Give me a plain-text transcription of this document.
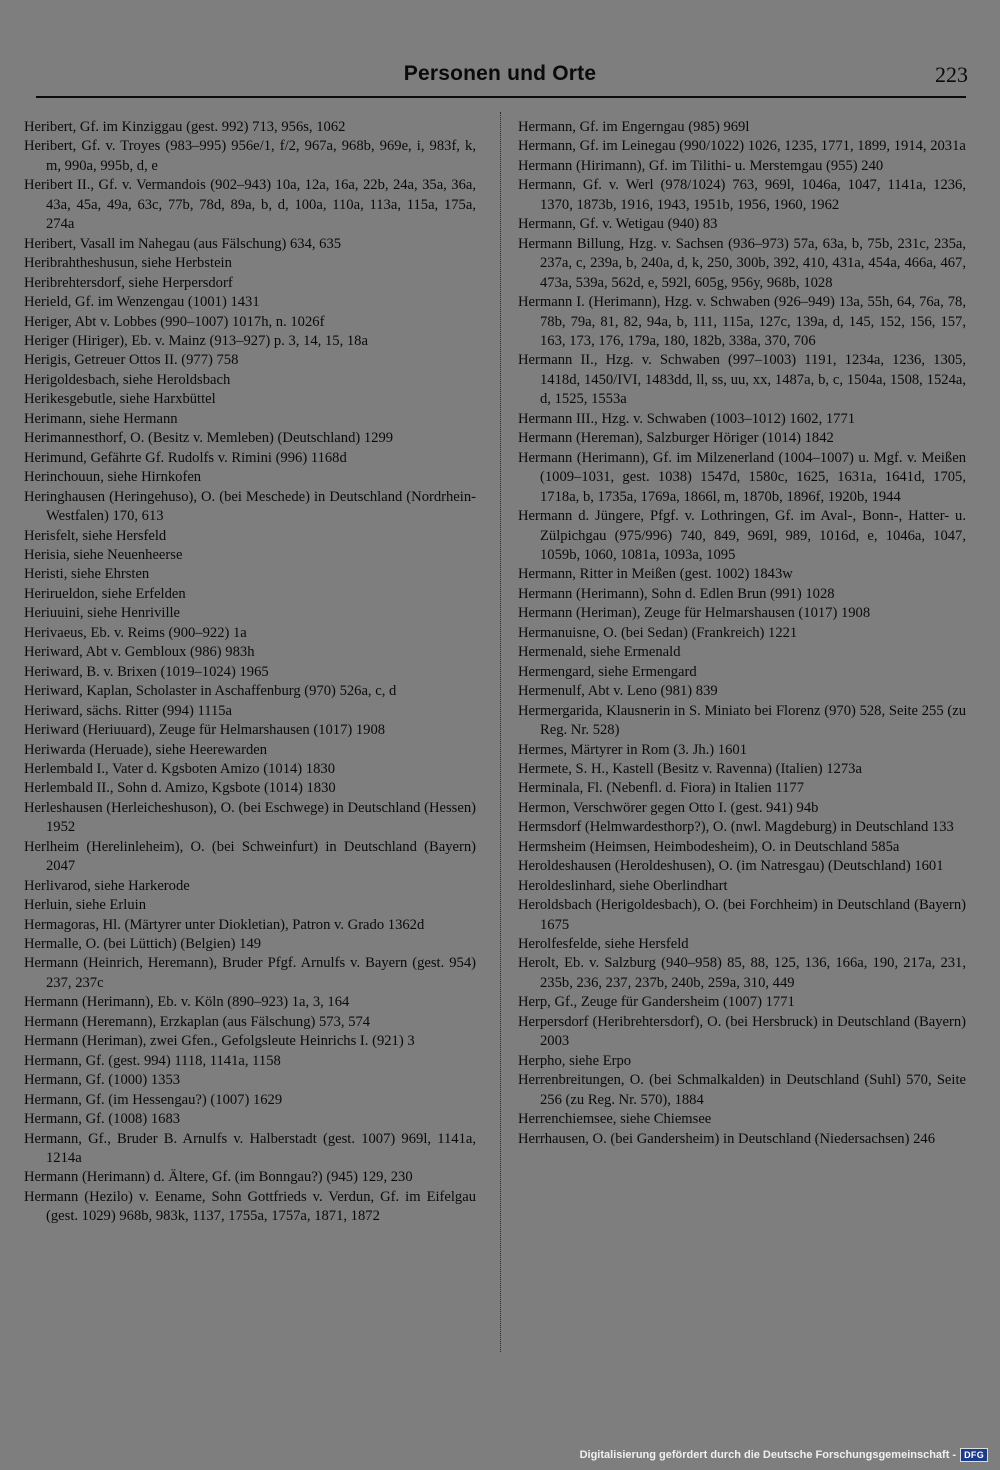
Personen und Orte	223
Heribert, Gf. im Kinziggau (gest. 992) 713, 956s, 1062
Heribert, Gf. v. Troyes (983–995) 956e/1, f/2, 967a, 968b, 969e, i, 983f, k, m, 990a, 995b, d, e
Heribert II., Gf. v. Vermandois (902–943) 10a, 12a, 16a, 22b, 24a, 35a, 36a, 43a, 45a, 49a, 63c, 77b, 78d, 89a, b, d, 100a, 110a, 113a, 115a, 175a, 274a
Heribert, Vasall im Nahegau (aus Fälschung) 634, 635
Heribrahtheshusun, siehe Herbstein
Heribrehtersdorf, siehe Herpersdorf
Herield, Gf. im Wenzengau (1001) 1431
Heriger, Abt v. Lobbes (990–1007) 1017h, n. 1026f
Heriger (Hiriger), Eb. v. Mainz (913–927) p. 3, 14, 15, 18a
Herigis, Getreuer Ottos II. (977) 758
Herigoldesbach, siehe Heroldsbach
Herikesgebutle, siehe Harxbüttel
Herimann, siehe Hermann
Herimannesthorf, O. (Besitz v. Memleben) (Deutschland) 1299
Herimund, Gefährte Gf. Rudolfs v. Rimini (996) 1168d
Herinchouun, siehe Hirnkofen
Heringhausen (Heringehuso), O. (bei Meschede) in Deutschland (Nordrhein-Westfalen) 170, 613
Herisfelt, siehe Hersfeld
Herisia, siehe Neuenheerse
Heristi, siehe Ehrsten
Herirueldon, siehe Erfelden
Heriuuini, siehe Henriville
Herivaeus, Eb. v. Reims (900–922) 1a
Heriward, Abt v. Gembloux (986) 983h
Heriward, B. v. Brixen (1019–1024) 1965
Heriward, Kaplan, Scholaster in Aschaffenburg (970) 526a, c, d
Heriward, sächs. Ritter (994) 1115a
Heriward (Heriuuard), Zeuge für Helmarshausen (1017) 1908
Heriwarda (Heruade), siehe Heerewarden
Herlembald I., Vater d. Kgsboten Amizo (1014) 1830
Herlembald II., Sohn d. Amizo, Kgsbote (1014) 1830
Herleshausen (Herleicheshuson), O. (bei Eschwege) in Deutschland (Hessen) 1952
Herlheim (Herelinleheim), O. (bei Schweinfurt) in Deutschland (Bayern) 2047
Herlivarod, siehe Harkerode
Herluin, siehe Erluin
Hermagoras, Hl. (Märtyrer unter Diokletian), Patron v. Grado 1362d
Hermalle, O. (bei Lüttich) (Belgien) 149
Hermann (Heinrich, Heremann), Bruder Pfgf. Arnulfs v. Bayern (gest. 954) 237, 237c
Hermann (Herimann), Eb. v. Köln (890–923) 1a, 3, 164
Hermann (Heremann), Erzkaplan (aus Fälschung) 573, 574
Hermann (Heriman), zwei Gfen., Gefolgsleute Heinrichs I. (921) 3
Hermann, Gf. (gest. 994) 1118, 1141a, 1158
Hermann, Gf. (1000) 1353
Hermann, Gf. (im Hessengau?) (1007) 1629
Hermann, Gf. (1008) 1683
Hermann, Gf., Bruder B. Arnulfs v. Halberstadt (gest. 1007) 969l, 1141a, 1214a
Hermann (Herimann) d. Ältere, Gf. (im Bonngau?) (945) 129, 230
Hermann (Hezilo) v. Eename, Sohn Gottfrieds v. Verdun, Gf. im Eifelgau (gest. 1029) 968b, 983k, 1137, 1755a, 1757a, 1871, 1872
Hermann, Gf. im Engerngau (985) 969l
Hermann, Gf. im Leinegau (990/1022) 1026, 1235, 1771, 1899, 1914, 2031a
Hermann (Hirimann), Gf. im Tilithi- u. Merstemgau (955) 240
Hermann, Gf. v. Werl (978/1024) 763, 969l, 1046a, 1047, 1141a, 1236, 1370, 1873b, 1916, 1943, 1951b, 1956, 1960, 1962
Hermann, Gf. v. Wetigau (940) 83
Hermann Billung, Hzg. v. Sachsen (936–973) 57a, 63a, b, 75b, 231c, 235a, 237a, c, 239a, b, 240a, d, k, 250, 300b, 392, 410, 431a, 454a, 466a, 467, 473a, 539a, 562d, e, 592l, 605g, 956y, 968b, 1028
Hermann I. (Herimann), Hzg. v. Schwaben (926–949) 13a, 55h, 64, 76a, 78, 78b, 79a, 81, 82, 94a, b, 111, 115a, 127c, 139a, d, 145, 152, 156, 157, 163, 173, 176, 179a, 180, 182b, 338a, 370, 706
Hermann II., Hzg. v. Schwaben (997–1003) 1191, 1234a, 1236, 1305, 1418d, 1450/IVI, 1483dd, ll, ss, uu, xx, 1487a, b, c, 1504a, 1508, 1524a, d, 1525, 1553a
Hermann III., Hzg. v. Schwaben (1003–1012) 1602, 1771
Hermann (Hereman), Salzburger Höriger (1014) 1842
Hermann (Herimann), Gf. im Milzenerland (1004–1007) u. Mgf. v. Meißen (1009–1031, gest. 1038) 1547d, 1580c, 1625, 1631a, 1641d, 1705, 1718a, b, 1735a, 1769a, 1866l, m, 1870b, 1896f, 1920b, 1944
Hermann d. Jüngere, Pfgf. v. Lothringen, Gf. im Aval-, Bonn-, Hatter- u. Zülpichgau (975/996) 740, 849, 969l, 989, 1016d, e, 1046a, 1047, 1059b, 1060, 1081a, 1093a, 1095
Hermann, Ritter in Meißen (gest. 1002) 1843w
Hermann (Herimann), Sohn d. Edlen Brun (991) 1028
Hermann (Heriman), Zeuge für Helmarshausen (1017) 1908
Hermanuisne, O. (bei Sedan) (Frankreich) 1221
Hermenald, siehe Ermenald
Hermengard, siehe Ermengard
Hermenulf, Abt v. Leno (981) 839
Hermergarida, Klausnerin in S. Miniato bei Florenz (970) 528, Seite 255 (zu Reg. Nr. 528)
Hermes, Märtyrer in Rom (3. Jh.) 1601
Hermete, S. H., Kastell (Besitz v. Ravenna) (Italien) 1273a
Herminala, Fl. (Nebenfl. d. Fiora) in Italien 1177
Hermon, Verschwörer gegen Otto I. (gest. 941) 94b
Hermsdorf (Helmwardesthorp?), O. (nwl. Magdeburg) in Deutschland 133
Hermsheim (Heimsen, Heimbodesheim), O. in Deutschland 585a
Heroldeshausen (Heroldeshusen), O. (im Natresgau) (Deutschland) 1601
Heroldeslinhard, siehe Oberlindhart
Heroldsbach (Herigoldesbach), O. (bei Forchheim) in Deutschland (Bayern) 1675
Herolfesfelde, siehe Hersfeld
Herolt, Eb. v. Salzburg (940–958) 85, 88, 125, 136, 166a, 190, 217a, 231, 235b, 236, 237, 237b, 240b, 259a, 310, 449
Herp, Gf., Zeuge für Gandersheim (1007) 1771
Herpersdorf (Heribrehtersdorf), O. (bei Hersbruck) in Deutschland (Bayern) 2003
Herpho, siehe Erpo
Herrenbreitungen, O. (bei Schmalkalden) in Deutschland (Suhl) 570, Seite 256 (zu Reg. Nr. 570), 1884
Herrenchiemsee, siehe Chiemsee
Herrhausen, O. (bei Gandersheim) in Deutschland (Niedersachsen) 246
Digitalisierung gefördert durch die Deutsche Forschungsgemeinschaft - DFG
